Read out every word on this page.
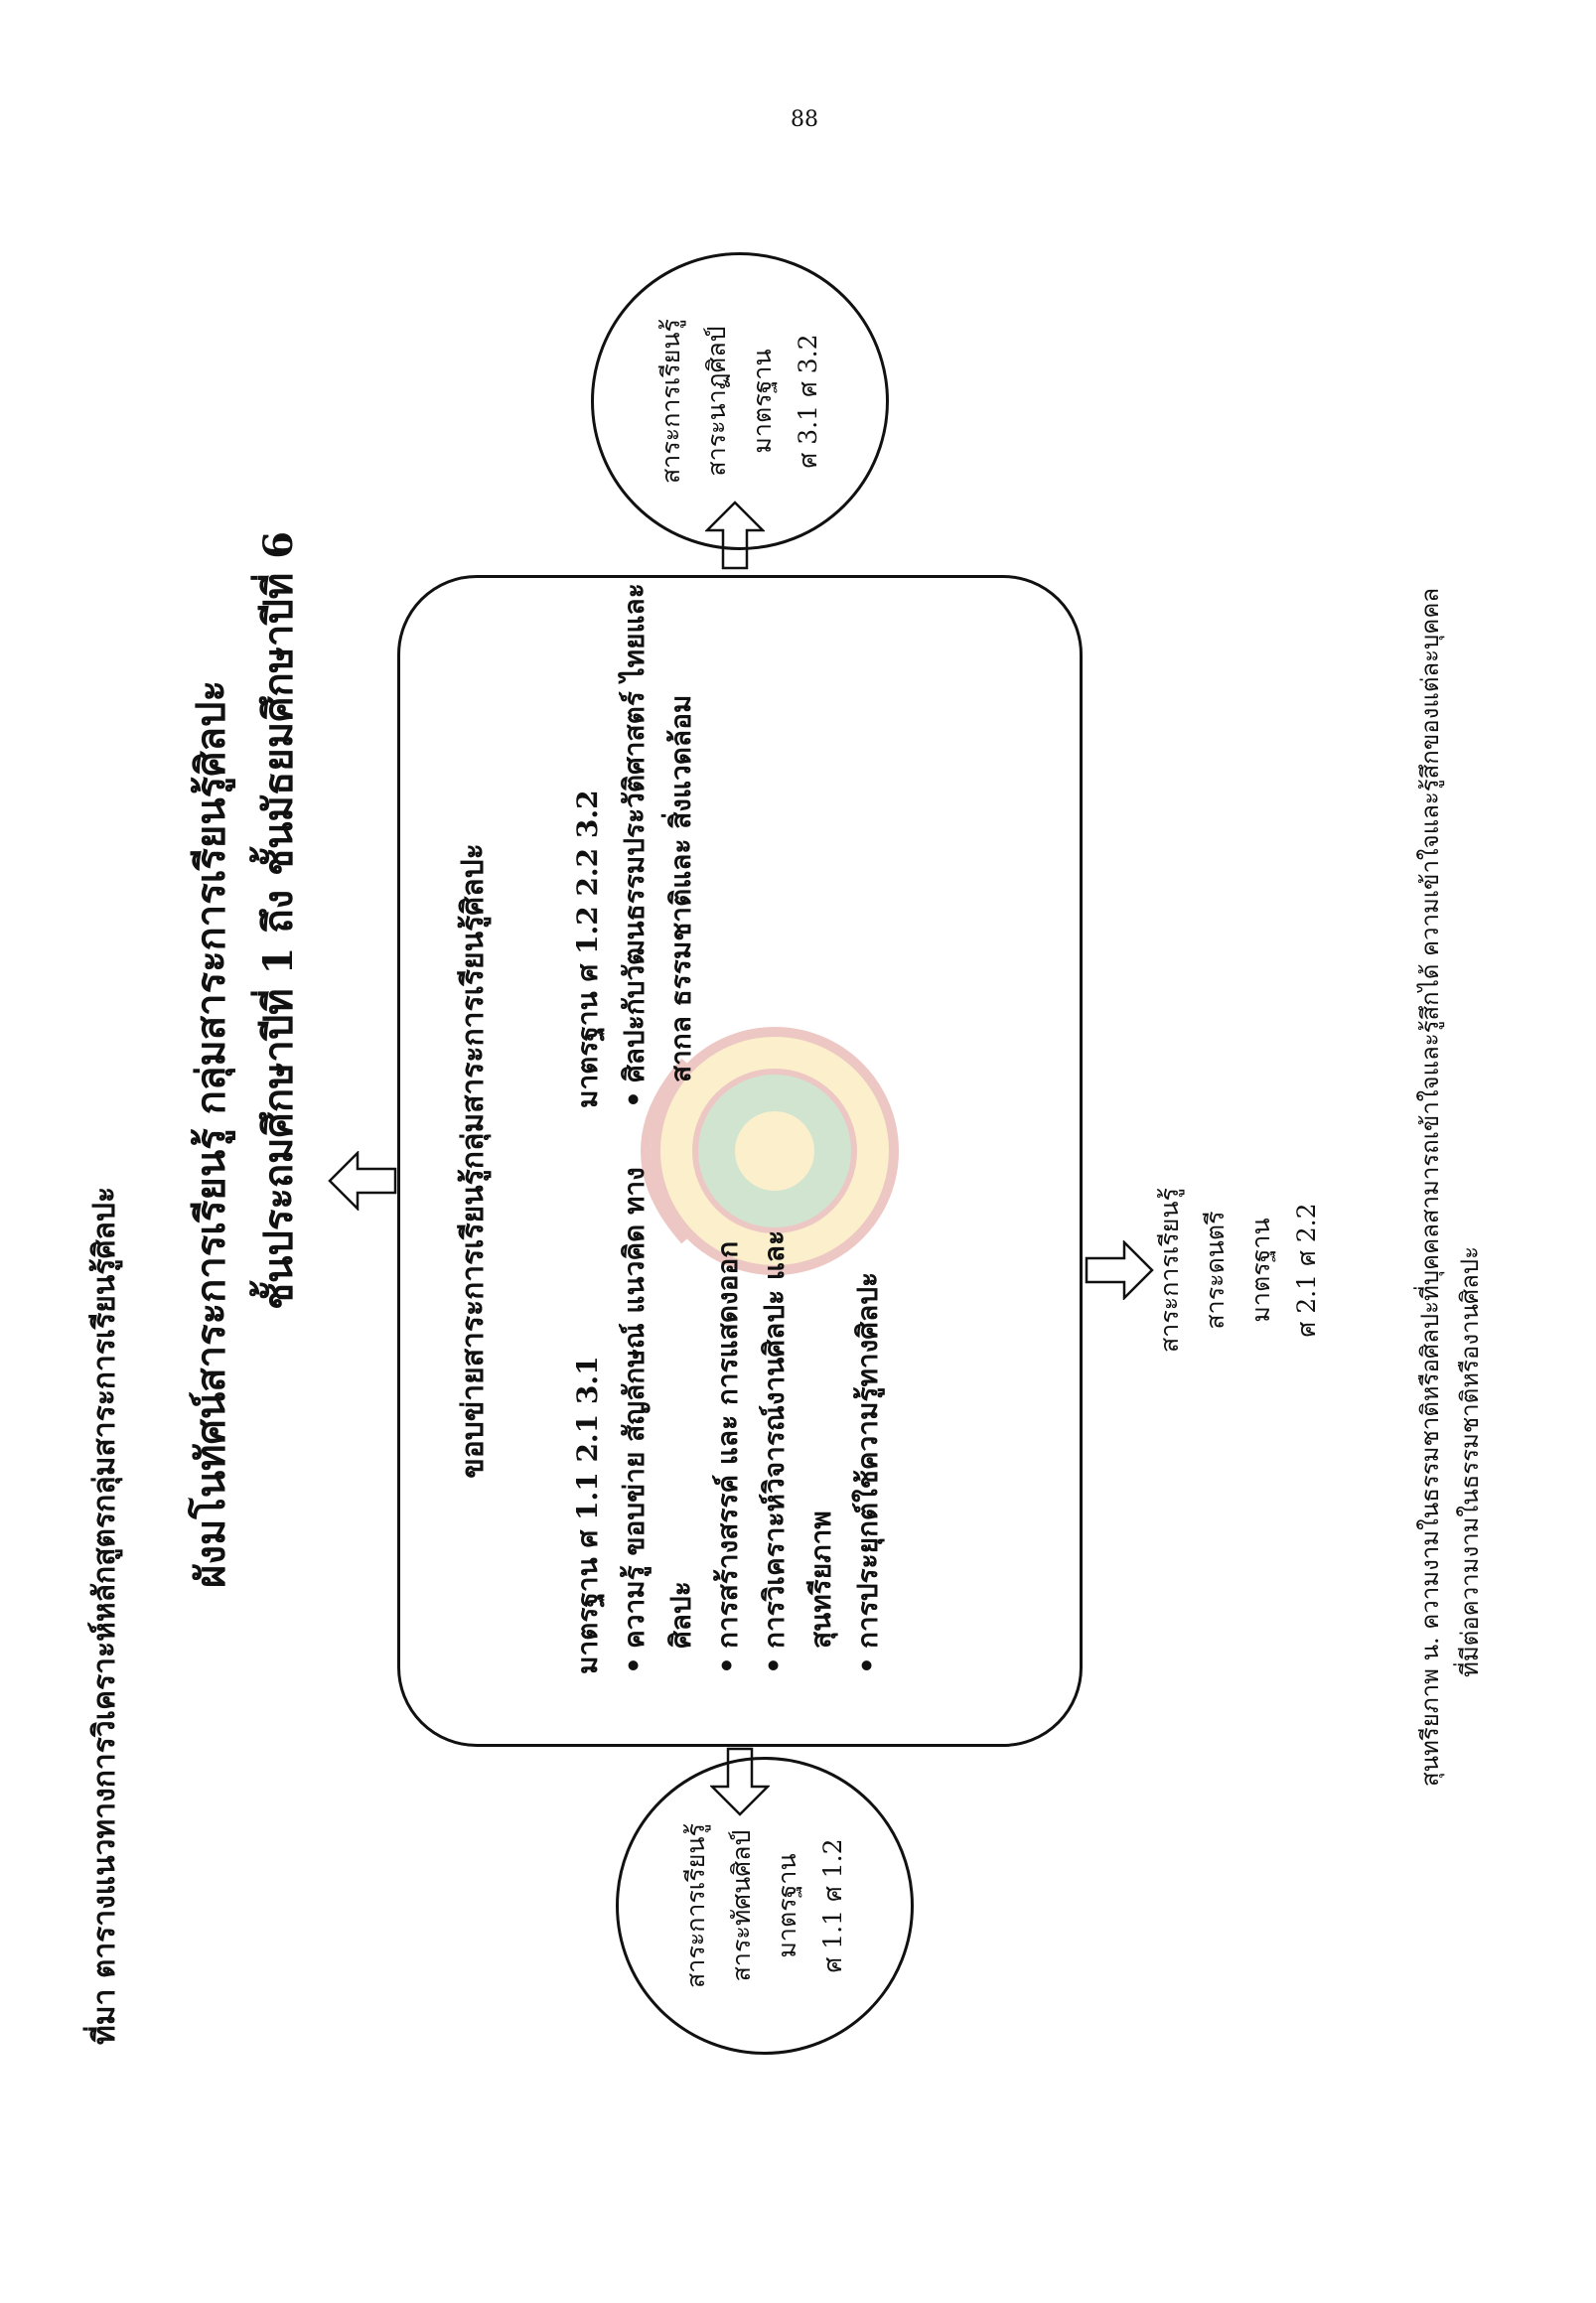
88
ที่มา ตารางแนวทางการวิเคราะห์หลักสูตรกลุ่มสาระการเรียนรู้ศิลปะ
ผังมโนทัศน์สาระการเรียนรู้ กลุ่มสาระการเรียนรู้ศิลปะ ชั้นประถมศึกษาปีที่ 1 ถึง ชั้นมัธยมศึกษาปีที่ 6	ขอบข่ายสาระการเรียนรู้กลุ่มสาระการเรียนรู้ศิลปะ
มาตรฐาน ศ 1.1 2.1 3.1 • ความรู้ ขอบข่าย สัญลักษณ์ แนวคิด ทางศิลปะ • การสร้างสรรค์ และ การแสดงออก • การวิเคราะห์วิจารณ์งานศิลปะ และสุนทรียภาพ • การประยุกต์ใช้ความรู้ทางศิลปะ
มาตรฐาน ศ 1.2 2.2 3.2 • ศิลปะกับวัฒนธรรมประวัติศาสตร์ ไทยและสากล ธรรมชาติและ สิ่งแวดล้อม
สาระการเรียนรู้ สาระทัศนศิลป์ มาตรฐาน ศ 1.1 ศ 1.2
สาระการเรียนรู้ สาระนาฏศิลป์ มาตรฐาน ศ 3.1 ศ 3.2
สาระการเรียนรู้ สาระดนตรี มาตรฐาน ศ 2.1 ศ 2.2	สุนทรียภาพ น. ความงามในธรรมชาติหรือศิลปะที่บุคคลสามารถเข้าใจและรู้สึกได้ ความเข้าใจและรู้สึกของแต่ละบุคคล ที่มีต่อความงามในธรรมชาติหรืองานศิลปะ
